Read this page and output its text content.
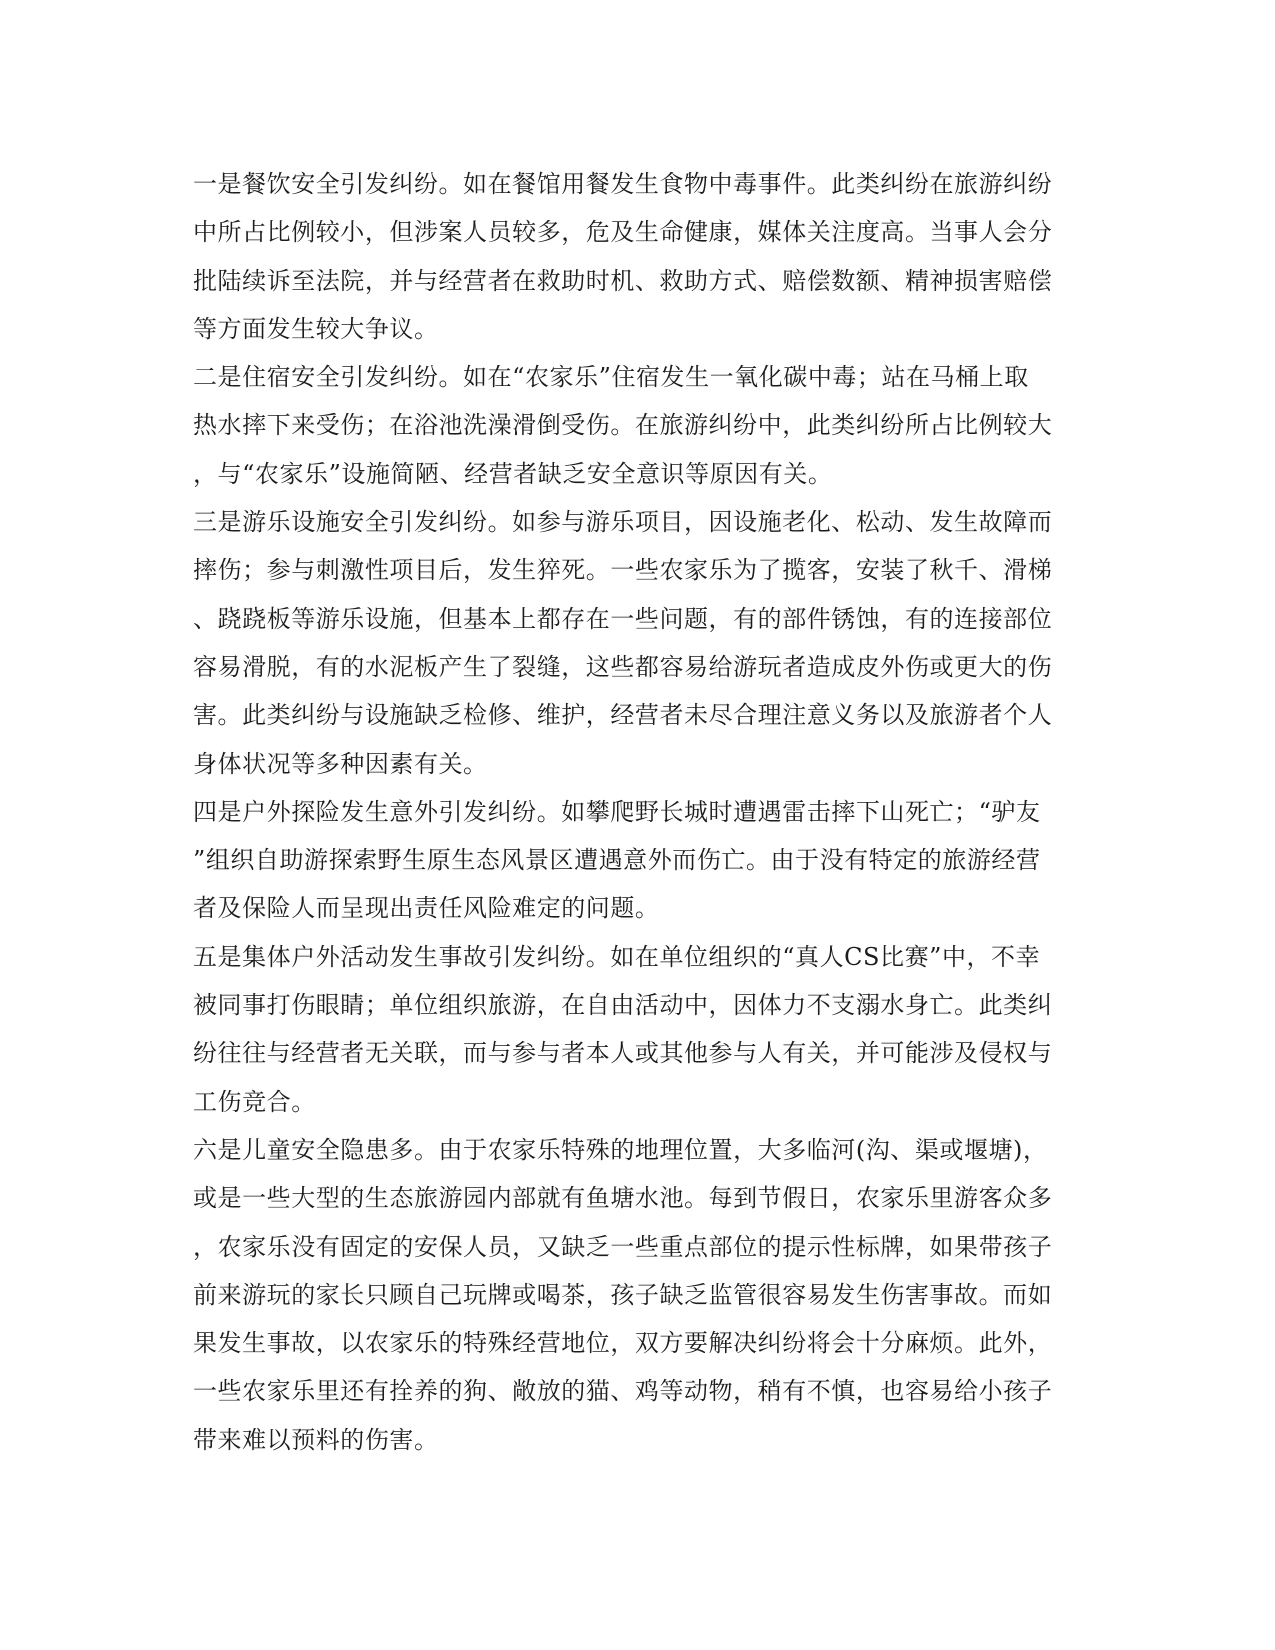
一是餐饮安全引发纠纷。如在餐馆用餐发生食物中毒事件。此类纠纷在旅游纠纷
中所占比例较小，但涉案人员较多，危及生命健康，媒体关注度高。当事人会分
批陆续诉至法院，并与经营者在救助时机、救助方式、赔偿数额、精神损害赔偿
等方面发生较大争议。
二是住宿安全引发纠纷。如在“农家乐”住宿发生一氧化碳中毒；站在马桶上取
热水摔下来受伤；在浴池洗澡滑倒受伤。在旅游纠纷中，此类纠纷所占比例较大
，与“农家乐”设施简陋、经营者缺乏安全意识等原因有关。
三是游乐设施安全引发纠纷。如参与游乐项目，因设施老化、松动、发生故障而
摔伤；参与刺激性项目后，发生猝死。一些农家乐为了揽客，安装了秋千、滑梯
、跷跷板等游乐设施，但基本上都存在一些问题，有的部件锈蚀，有的连接部位
容易滑脱，有的水泥板产生了裂缝，这些都容易给游玩者造成皮外伤或更大的伤
害。此类纠纷与设施缺乏检修、维护，经营者未尽合理注意义务以及旅游者个人
身体状况等多种因素有关。
四是户外探险发生意外引发纠纷。如攀爬野长城时遭遇雷击摔下山死亡；“驴友
”组织自助游探索野生原生态风景区遭遇意外而伤亡。由于没有特定的旅游经营
者及保险人而呈现出责任风险难定的问题。
五是集体户外活动发生事故引发纠纷。如在单位组织的“真人CS比赛”中，不幸
被同事打伤眼睛；单位组织旅游，在自由活动中，因体力不支溺水身亡。此类纠
纷往往与经营者无关联，而与参与者本人或其他参与人有关，并可能涉及侵权与
工伤竞合。
六是儿童安全隐患多。由于农家乐特殊的地理位置，大多临河(沟、渠或堰塘)，
或是一些大型的生态旅游园内部就有鱼塘水池。每到节假日，农家乐里游客众多
，农家乐没有固定的安保人员，又缺乏一些重点部位的提示性标牌，如果带孩子
前来游玩的家长只顾自己玩牌或喝茶，孩子缺乏监管很容易发生伤害事故。而如
果发生事故，以农家乐的特殊经营地位，双方要解决纠纷将会十分麻烦。此外，
一些农家乐里还有拴养的狗、敞放的猫、鸡等动物，稍有不慎，也容易给小孩子
带来难以预料的伤害。
